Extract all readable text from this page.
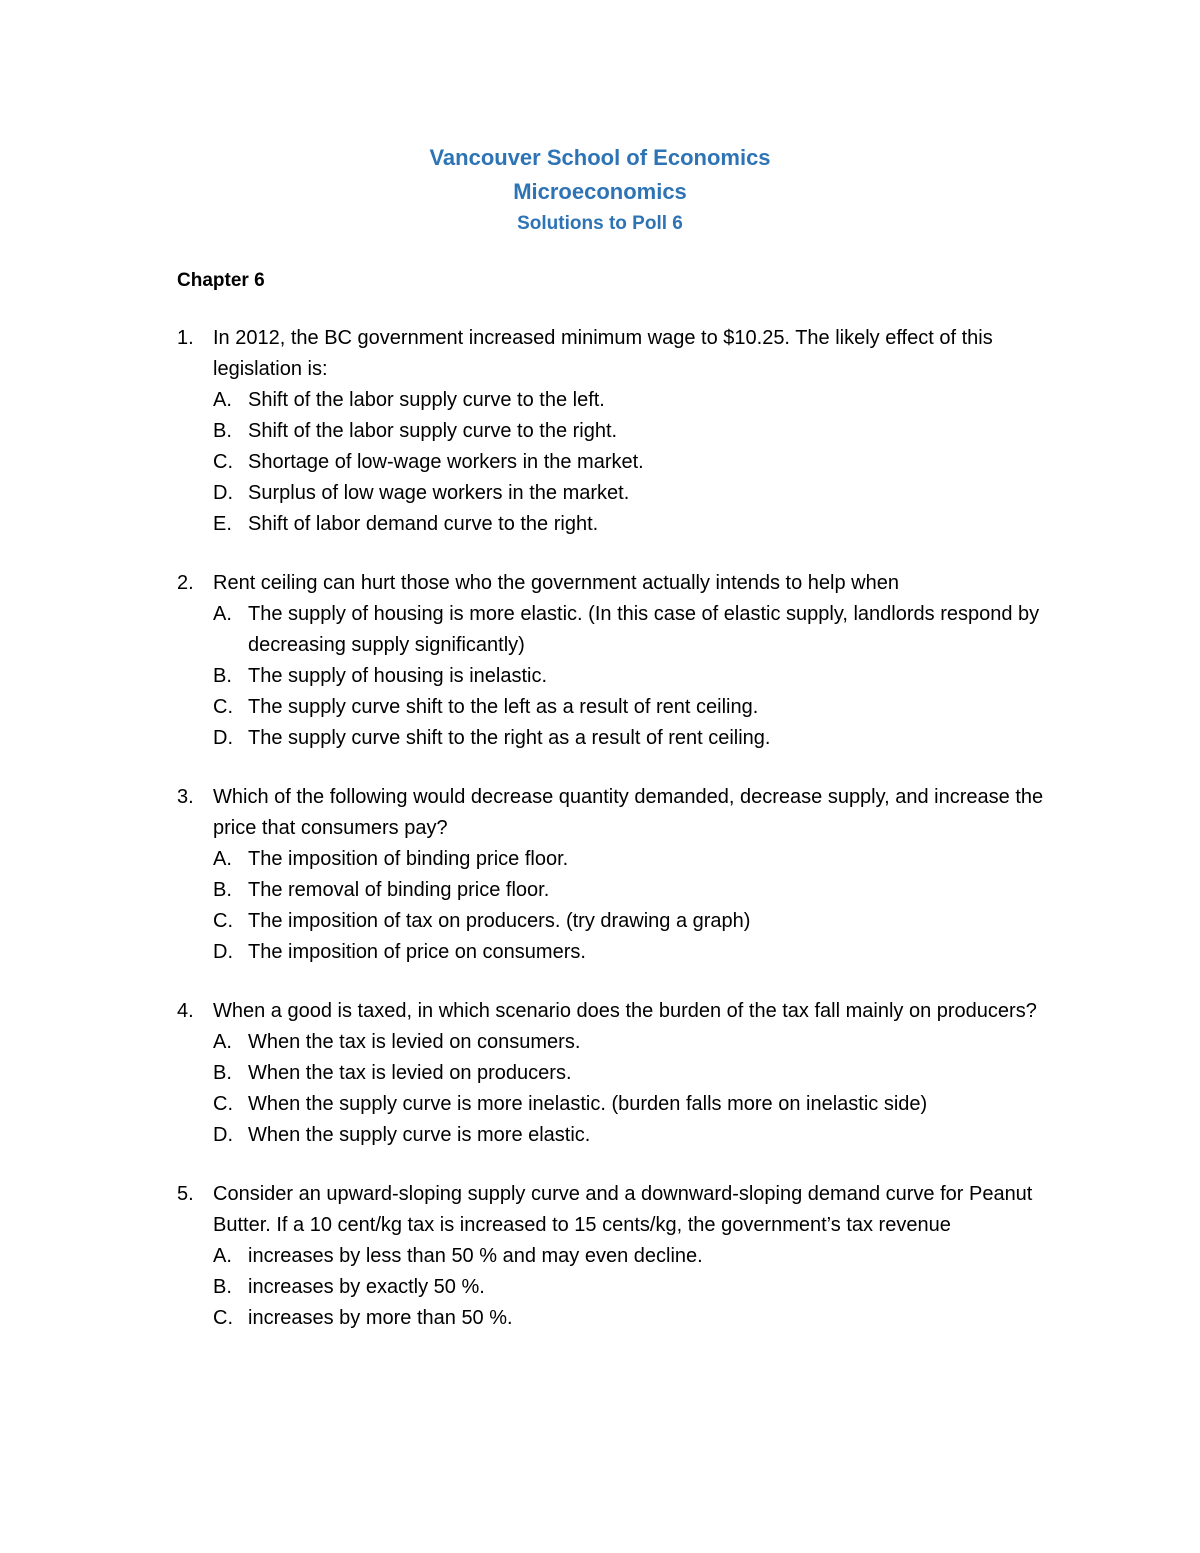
Vancouver School of Economics
Microeconomics
Solutions to Poll 6
Chapter 6
1. In 2012, the BC government increased minimum wage to $10.25. The likely effect of this legislation is:
A. Shift of the labor supply curve to the left.
B. Shift of the labor supply curve to the right.
C. Shortage of low-wage workers in the market.
D. Surplus of low wage workers in the market.
E. Shift of labor demand curve to the right.
2. Rent ceiling can hurt those who the government actually intends to help when
A. The supply of housing is more elastic. (In this case of elastic supply, landlords respond by decreasing supply significantly)
B. The supply of housing is inelastic.
C. The supply curve shift to the left as a result of rent ceiling.
D. The supply curve shift to the right as a result of rent ceiling.
3. Which of the following would decrease quantity demanded, decrease supply, and increase the price that consumers pay?
A. The imposition of binding price floor.
B. The removal of binding price floor.
C. The imposition of tax on producers. (try drawing a graph)
D. The imposition of price on consumers.
4. When a good is taxed, in which scenario does the burden of the tax fall mainly on producers?
A. When the tax is levied on consumers.
B. When the tax is levied on producers.
C. When the supply curve is more inelastic. (burden falls more on inelastic side)
D. When the supply curve is more elastic.
5. Consider an upward-sloping supply curve and a downward-sloping demand curve for Peanut Butter. If a 10 cent/kg tax is increased to 15 cents/kg, the government’s tax revenue
A. increases by less than 50 % and may even decline.
B. increases by exactly 50 %.
C. increases by more than 50 %.
